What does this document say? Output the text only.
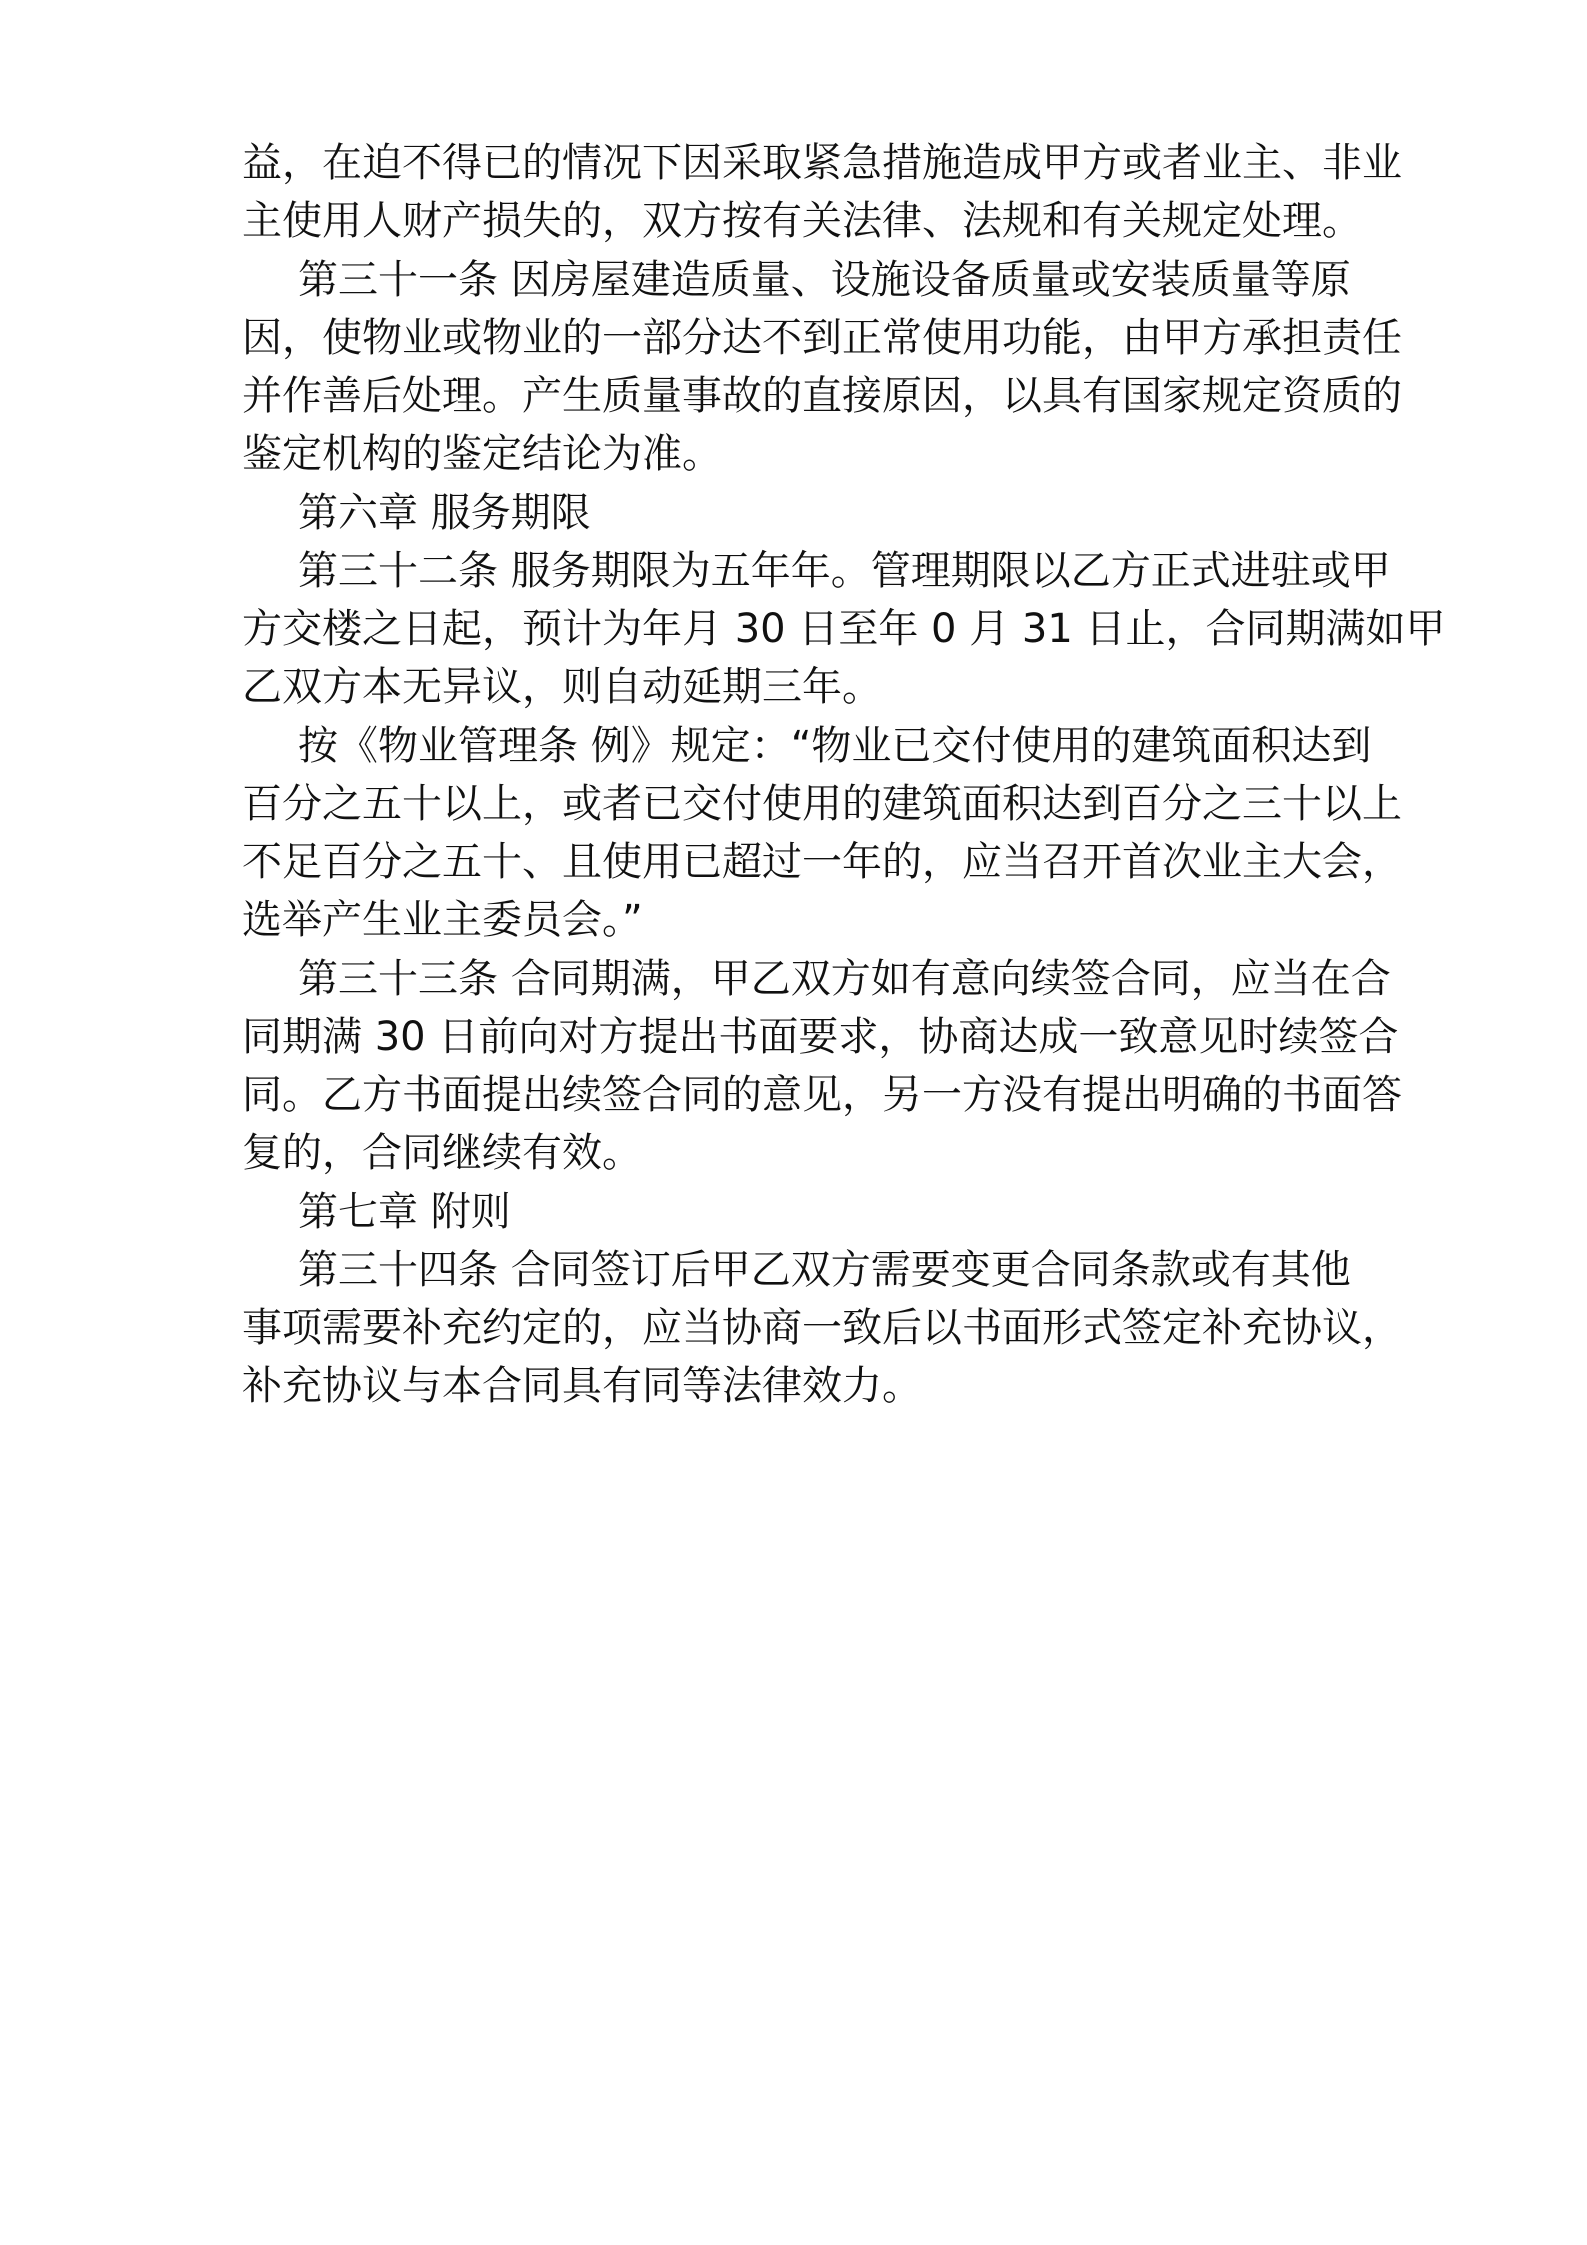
益，在迫不得已的情况下因采取紧急措施造成甲方或者业主、非业
主使用人财产损失的，双方按有关法律、法规和有关规定处理。
第三十一条 因房屋建造质量、设施设备质量或安装质量等原
因，使物业或物业的一部分达不到正常使用功能，由甲方承担责任
并作善后处理。产生质量事故的直接原因，以具有国家规定资质的
鉴定机构的鉴定结论为准。
第六章 服务期限
第三十二条 服务期限为五年年。管理期限以乙方正式进驻或甲
方交楼之日起，预计为年月 30 日至年 0 月 31 日止，合同期满如甲
乙双方本无异议，则自动延期三年。
按《物业管理条 例》规定：“物业已交付使用的建筑面积达到
百分之五十以上，或者已交付使用的建筑面积达到百分之三十以上
不足百分之五十、且使用已超过一年的，应当召开首次业主大会，
选举产生业主委员会。”
第三十三条 合同期满，甲乙双方如有意向续签合同，应当在合
同期满 30 日前向对方提出书面要求，协商达成一致意见时续签合
同。乙方书面提出续签合同的意见，另一方没有提出明确的书面答
复的，合同继续有效。
第七章 附则
第三十四条 合同签订后甲乙双方需要变更合同条款或有其他
事项需要补充约定的，应当协商一致后以书面形式签定补充协议，
补充协议与本合同具有同等法律效力。
